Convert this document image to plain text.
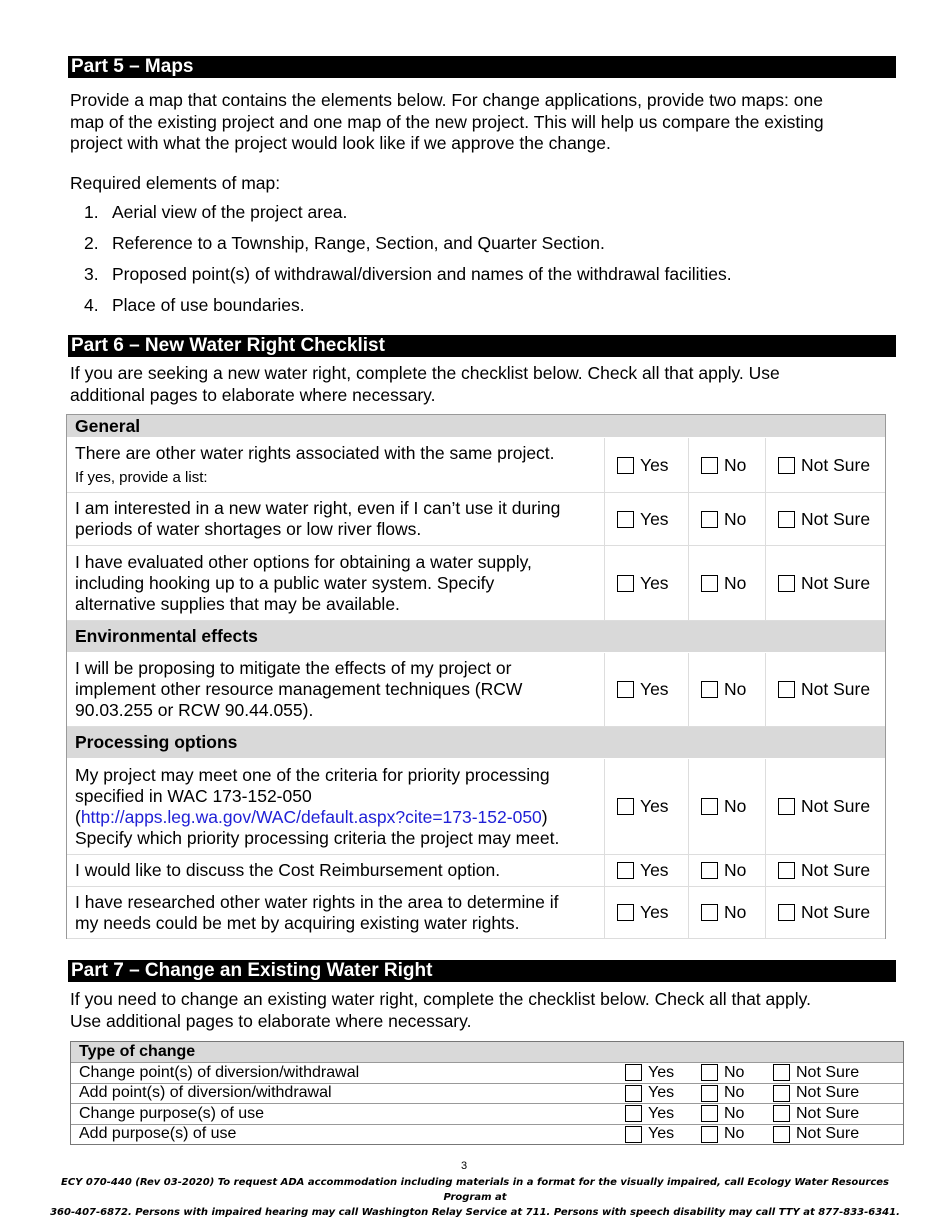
Part 5 – Maps
Provide a map that contains the elements below. For change applications, provide two maps: one
map of the existing project and one map of the new project. This will help us compare the existing
project with what the project would look like if we approve the change.
Required elements of map:
1. Aerial view of the project area.
2. Reference to a Township, Range, Section, and Quarter Section.
3. Proposed point(s) of withdrawal/diversion and names of the withdrawal facilities.
4. Place of use boundaries.
Part 6 – New Water Right Checklist
If you are seeking a new water right, complete the checklist below. Check all that apply. Use
additional pages to elaborate where necessary.
General
There are other water rights associated with the same project.
If yes, provide a list:
Yes	No	Not Sure
I am interested in a new water right, even if I can’t use it during
periods of water shortages or low river flows.
Yes	No	Not Sure
I have evaluated other options for obtaining a water supply,
including hooking up to a public water system. Specify
alternative supplies that may be available.
Yes	No	Not Sure
Environmental effects
I will be proposing to mitigate the effects of my project or
implement other resource management techniques (RCW
90.03.255 or RCW 90.44.055).
Yes	No	Not Sure
Processing options
My project may meet one of the criteria for priority processing
specified in WAC 173-152-050
(http://apps.leg.wa.gov/WAC/default.aspx?cite=173-152-050)
Specify which priority processing criteria the project may meet.
Yes	No	Not Sure
I would like to discuss the Cost Reimbursement option.	Yes	No	Not Sure
I have researched other water rights in the area to determine if
my needs could be met by acquiring existing water rights.
Yes	No	Not Sure
Part 7 – Change an Existing Water Right
If you need to change an existing water right, complete the checklist below. Check all that apply.
Use additional pages to elaborate where necessary.
Type of change
Change point(s) of diversion/withdrawal	Yes	No	Not Sure
Add point(s) of diversion/withdrawal	Yes	No	Not Sure
Change purpose(s) of use	Yes	No	Not Sure
Add purpose(s) of use	Yes	No	Not Sure
3
ECY 070-440 (Rev 03-2020) To request ADA accommodation including materials in a format for the visually impaired, call Ecology Water Resources Program at
360-407-6872. Persons with impaired hearing may call Washington Relay Service at 711. Persons with speech disability may call TTY at 877-833-6341.
